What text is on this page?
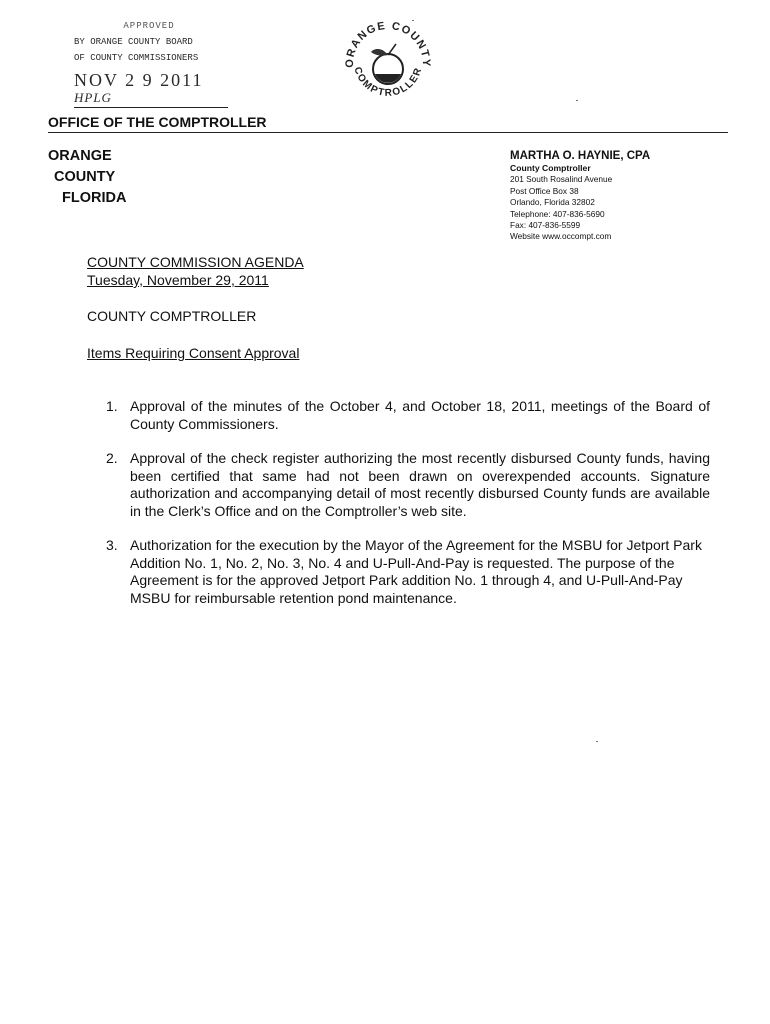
APPROVED
BY ORANGE COUNTY BOARD
OF COUNTY COMMISSIONERS
NOV 2 9 2011 HPLG
ORANGE COUNTY
COMPTROLLER
OFFICE OF THE COMPTROLLER
ORANGE
COUNTY
FLORIDA
MARTHA O. HAYNIE, CPA
County Comptroller
201 South Rosalind Avenue
Post Office Box 38
Orlando, Florida 32802
Telephone: 407-836-5690
Fax: 407-836-5599
Website www.occompt.com
COUNTY COMMISSION AGENDA
Tuesday, November 29, 2011
COUNTY COMPTROLLER
Items Requiring Consent Approval
1. Approval of the minutes of the October 4, and October 18, 2011, meetings of the Board of County Commissioners.
2. Approval of the check register authorizing the most recently disbursed County funds, having been certified that same had not been drawn on overexpended accounts. Signature authorization and accompanying detail of most recently disbursed County funds are available in the Clerk’s Office and on the Comptroller’s web site.
3. Authorization for the execution by the Mayor of the Agreement for the MSBU for Jetport Park Addition No. 1, No. 2, No. 3, No. 4 and U-Pull-And-Pay is requested. The purpose of the Agreement is for the approved Jetport Park addition No. 1 through 4, and U-Pull-And-Pay MSBU for reimbursable retention pond maintenance.
